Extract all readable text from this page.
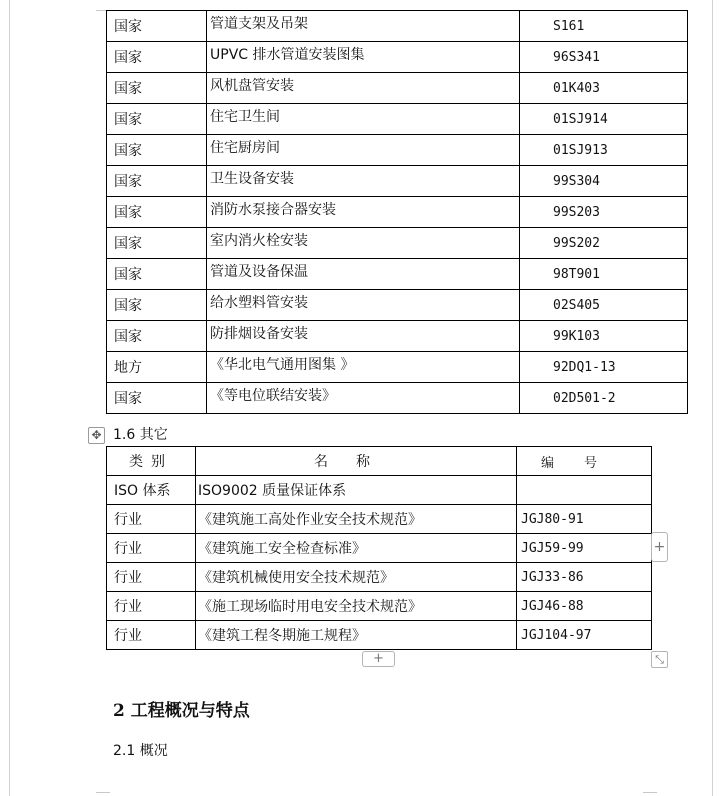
国家	管道支架及吊架	S161
国家	UPVC 排水管道安装图集	96S341
国家	风机盘管安装	01K403
国家	住宅卫生间	01SJ914
国家	住宅厨房间	01SJ913
国家	卫生设备安装	99S304
国家	消防水泵接合器安装	99S203
国家	室内消火栓安装	99S202
国家	管道及设备保温	98T901
国家	给水塑料管安装	02S405
国家	防排烟设备安装	99K103
地方	《华北电气通用图集 》	92DQ1-13
国家	《等电位联结安装》	02D501-2
✥ 1.6 其它
类别	名称	编号
ISO 体系	ISO9002 质量保证体系	
行业	《建筑施工高处作业安全技术规范》	JGJ80-91
行业	《建筑施工安全检查标准》	JGJ59-99
行业	《建筑机械使用安全技术规范》	JGJ33-86
行业	《施工现场临时用电安全技术规范》	JGJ46-88
行业	《建筑工程冬期施工规程》	JGJ104-97
+
+	⤡
2 工程概况与特点
2.1 概况
